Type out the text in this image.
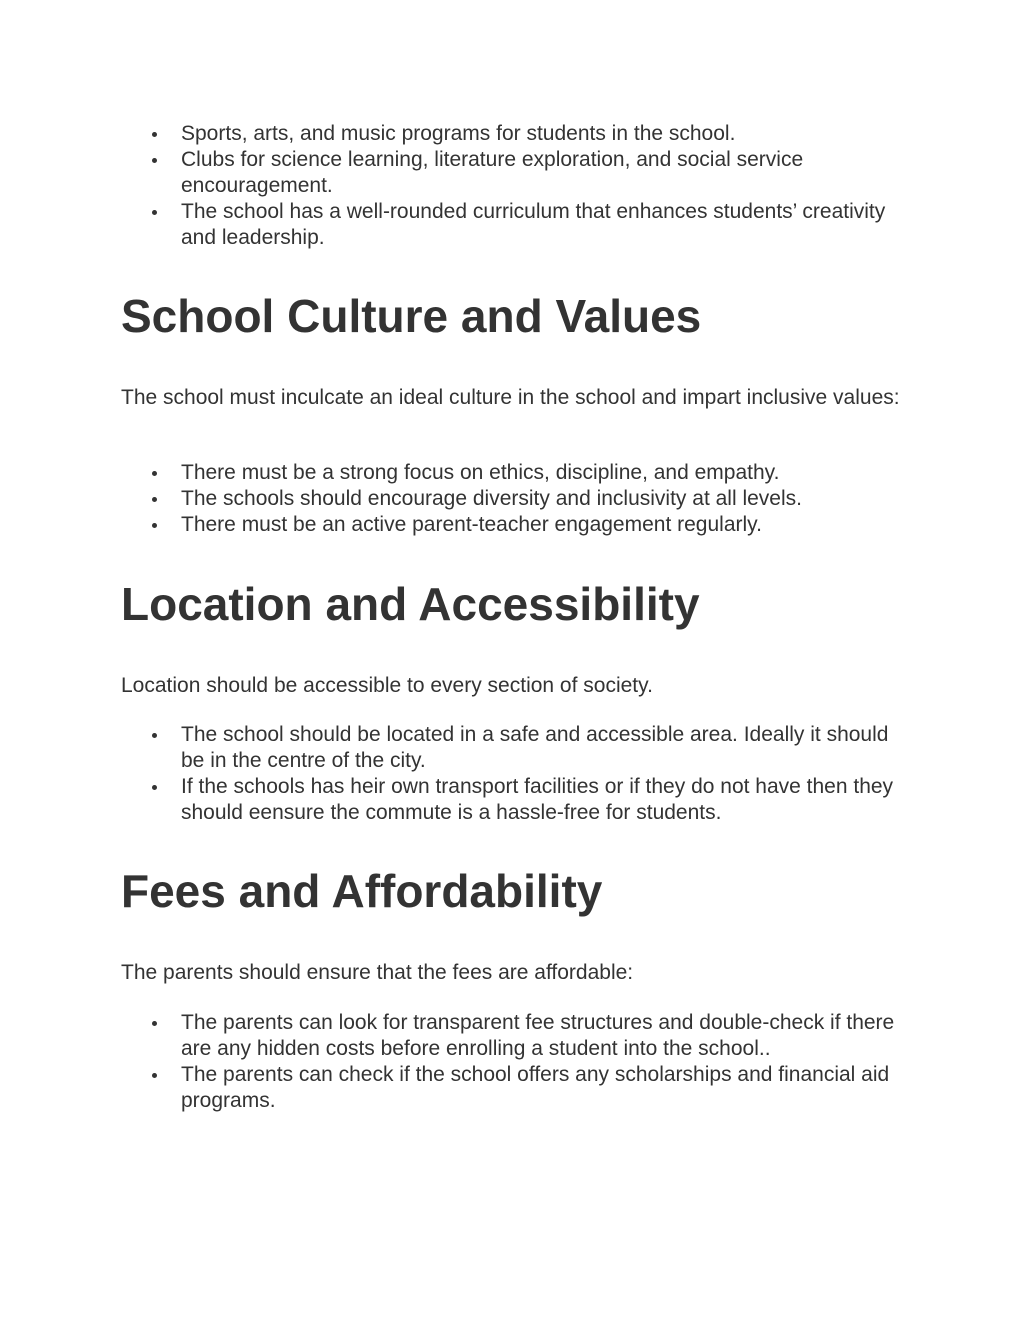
Sports, arts, and music programs for students in the school.
Clubs for science learning, literature exploration, and social service encouragement.
The school has a well-rounded curriculum that enhances students’ creativity and leadership.
School Culture and Values

The school must inculcate an ideal culture in the school and impart inclusive values:

There must be a strong focus on ethics, discipline, and empathy.
The schools should encourage diversity and inclusivity at all levels.
There must be an active parent-teacher engagement regularly.
Location and Accessibility

Location should be accessible to every section of society.

The school should be located in a safe and accessible area. Ideally it should be in the centre of the city.
If the schools has heir own transport facilities or if they do not have then they should eensure the commute is a hassle-free for students.
Fees and Affordability

The parents should ensure that the fees are affordable:

The parents can look for transparent fee structures and double-check if there are any hidden costs before enrolling a student into the school..
The parents can check if the school offers any scholarships and financial aid programs.
